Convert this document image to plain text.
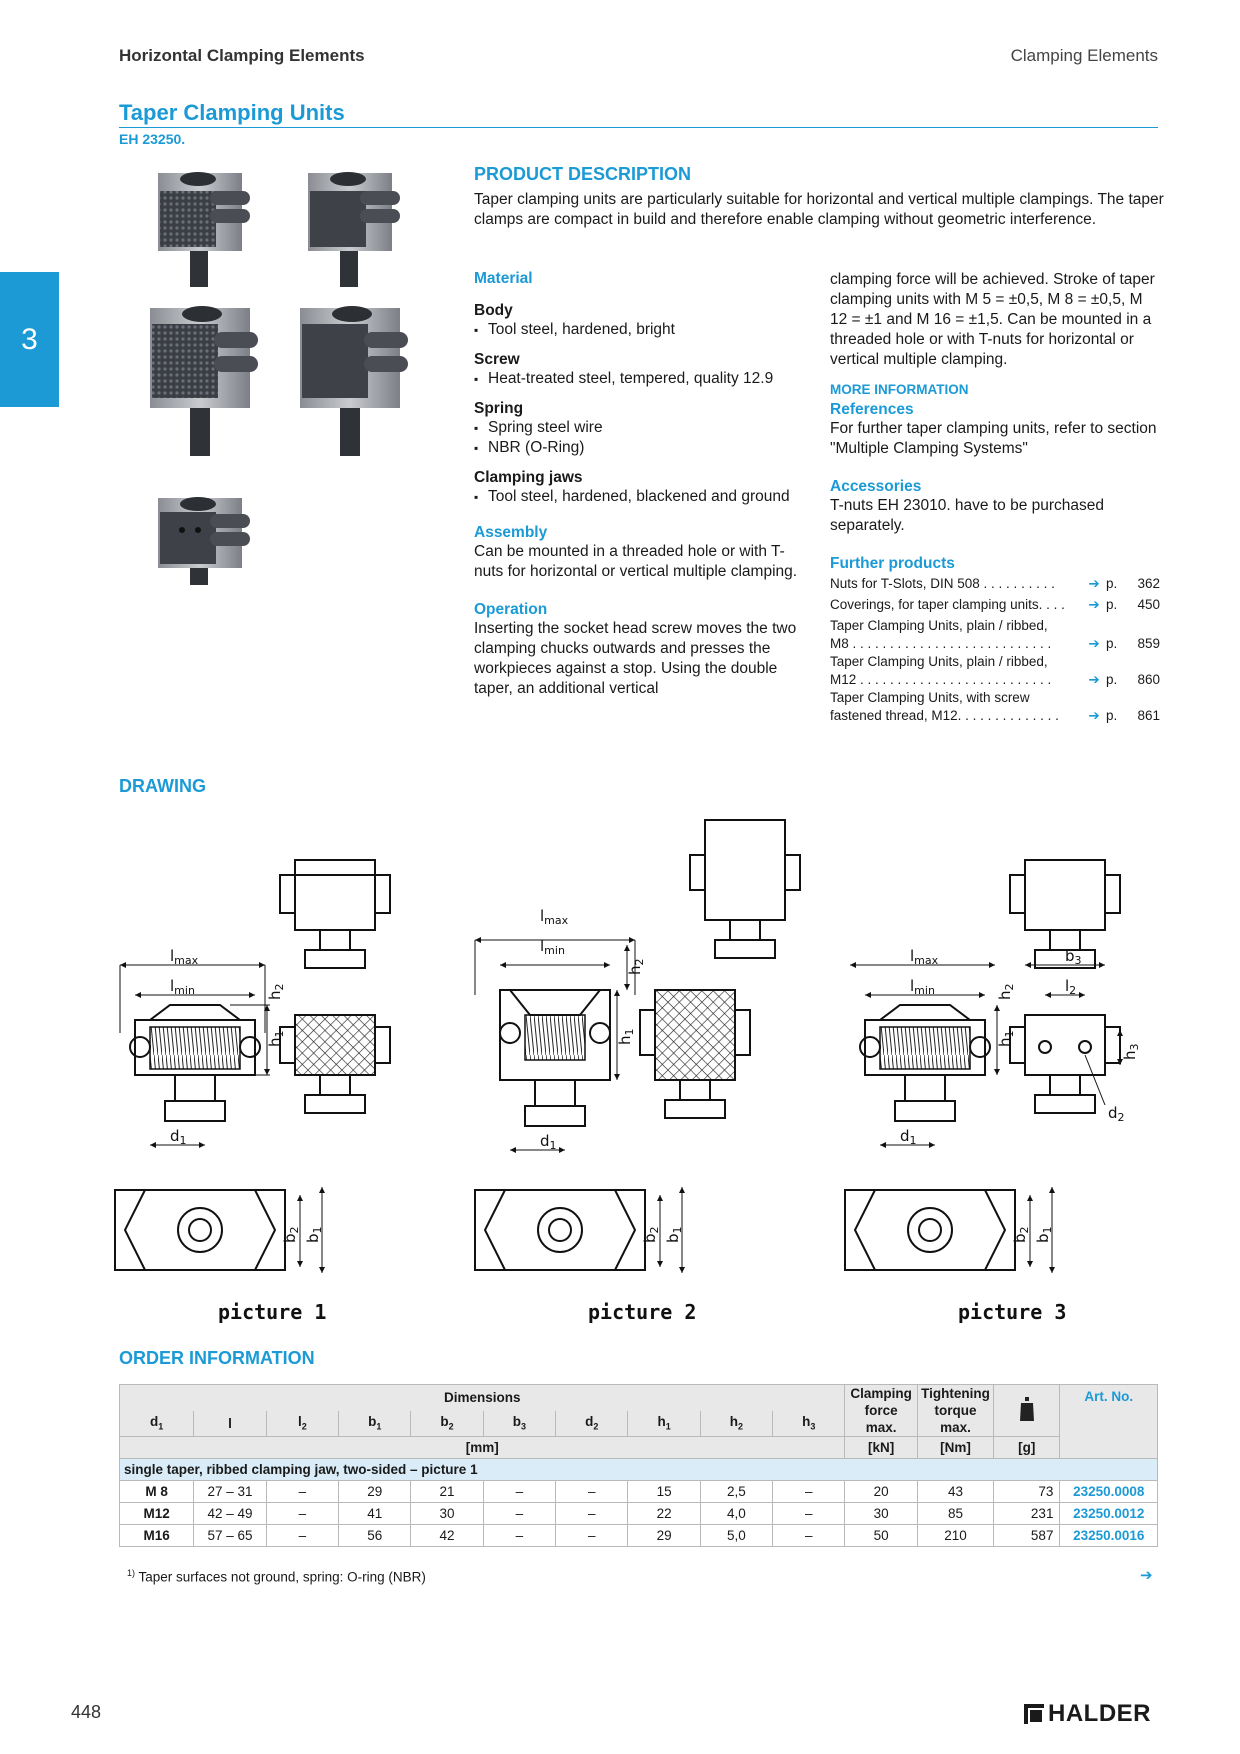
Horizontal Clamping Elements	Clamping Elements
Taper Clamping Units
EH 23250.
3
PRODUCT DESCRIPTION
Taper clamping units are particularly suitable for horizontal and vertical multiple clampings. The taper clamps are compact in build and therefore enable clamping without geometric interference.
Material
Body
▪ Tool steel, hardened, bright
Screw
▪ Heat-treated steel, tempered, quality 12.9
Spring
▪ Spring steel wire
▪ NBR (O-Ring)
Clamping jaws
▪ Tool steel, hardened, blackened and ground
Assembly
Can be mounted in a threaded hole or with T-nuts for horizontal or vertical multiple clamping.
Operation
Inserting the socket head screw moves the two clamping chucks outwards and presses the workpieces against a stop. Using the double taper, an additional vertical
clamping force will be achieved. Stroke of taper clamping units with M 5 = ±0,5, M 8 = ±0,5, M 12 = ±1 and M 16 = ±1,5. Can be mounted in a threaded hole or with T-nuts for horizontal or vertical multiple clamping.
MORE INFORMATION
References
For further taper clamping units, refer to section "Multiple Clamping Systems"
Accessories
T-nuts EH 23010. have to be purchased separately.
Further products
Nuts for T-Slots, DIN 508 . . . . . . . . . .	➔ p.	362
Coverings, for taper clamping units. . . .	➔ p.	450
Taper Clamping Units, plain / ribbed,
M8 . . . . . . . . . . . . . . . . . . . . . . . . . . .	➔ p.	859
Taper Clamping Units, plain / ribbed,
M12 . . . . . . . . . . . . . . . . . . . . . . . . . .	➔ p.	860
Taper Clamping Units, with screw
fastened thread, M12. . . . . . . . . . . . . .	➔ p.	861
DRAWING
$l_{max}$
$l_{min}$
$h_1$
$h_2$
$d_1$
$b_2$
$b_1$
$l_{max}$
$l_{min}$
$h_1$
$h_2$
$d_1$
$b_2$
$b_1$
$l_{max}$
$l_{min}$
$h_1$
$h_2$
$d_1$
$b_3$
$l_2$
$h_3$
$d_2$
$b_2$
$b_1$
picture 1	picture 2	picture 3
ORDER INFORMATION
Dimensions										Clamping
force
max.	Tightening
torque
max.		Art. No.
$d_1$	l	$l_2$	$b_1$	$b_2$	$b_3$	$d_2$	$h_1$	$h_2$	$h_3$
[mm]										[kN]	[Nm]	[g]	
single taper, ribbed clamping jaw, two-sided – picture 1													
M 8	27 – 31	–	29	21	–	–	15	2,5	–	20	43	73	23250.0008
M12	42 – 49	–	41	30	–	–	22	4,0	–	30	85	231	23250.0012
M16	57 – 65	–	56	42	–	–	29	5,0	–	50	210	587	23250.0016
$^{1)}$ Taper surfaces not ground, spring: O-ring (NBR)	➔
448	HALDER
